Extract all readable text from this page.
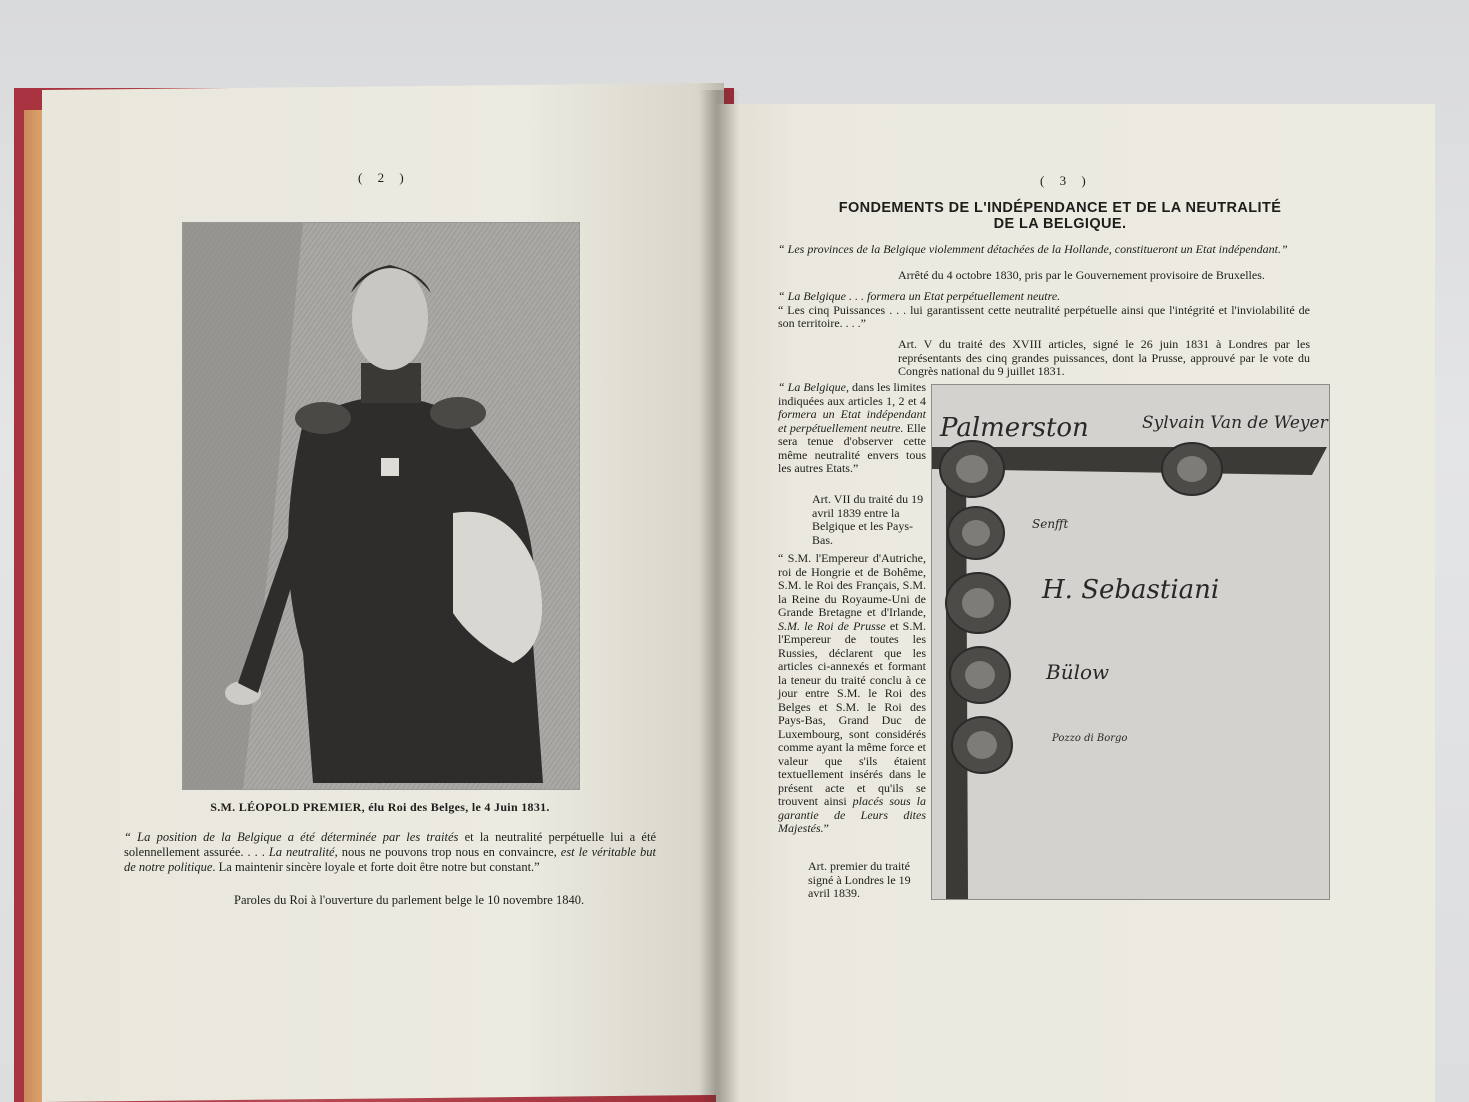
( 2 )
S.M. LÉOPOLD Ier, ROI DES BELGES.
S.M. LÉOPOLD PREMIER, élu Roi des Belges, le 4 Juin 1831.
“ La position de la Belgique a été déterminée par les traités et la neutralité perpétuelle lui a été solennellement assurée. . . . La neutralité, nous ne pouvons trop nous en convaincre, est le véritable but de notre politique. La maintenir sincère loyale et forte doit être notre but constant.”
Paroles du Roi à l'ouverture du parlement belge le 10 novembre 1840.
( 3 )
FONDEMENTS DE L'INDÉPENDANCE ET DE LA NEUTRALITÉ
DE LA BELGIQUE.
“ Les provinces de la Belgique violemment détachées de la Hollande, constitueront un Etat indépendant.”
Arrêté du 4 octobre 1830, pris par le Gouvernement provisoire de Bruxelles.
“ La Belgique . . . formera un Etat perpétuellement neutre.
“ Les cinq Puissances . . . lui garantissent cette neutralité perpétuelle ainsi que l'intégrité et l'inviolabilité de son territoire. . . .”
Art. V du traité des XVIII articles, signé le 26 juin 1831 à Londres par les représentants des cinq grandes puissances, dont la Prusse, approuvé par le vote du Congrès national du 9 juillet 1831.
“ La Belgique, dans les limites indiquées aux articles 1, 2 et 4 formera un Etat indépendant et perpétuellement neutre. Elle sera tenue d'observer cette même neutralité envers tous les autres Etats.”
Art. VII du traité du 19 avril 1839 entre la Belgique et les Pays-Bas.
“ S.M. l'Empereur d'Autriche, roi de Hongrie et de Bohême, S.M. le Roi des Français, S.M. la Reine du Royaume-Uni de Grande Bretagne et d'Irlande, S.M. le Roi de Prusse et S.M. l'Empereur de toutes les Russies, déclarent que les articles ci-annexés et formant la teneur du traité conclu à ce jour entre S.M. le Roi des Belges et S.M. le Roi des Pays-Bas, Grand Duc de Luxembourg, sont considérés comme ayant la même force et valeur que s'ils étaient textuellement insérés dans le présent acte et qu'ils se trouvent ainsi placés sous la garantie de Leurs dites Majestés.”
Art. premier du traité signé à Londres le 19 avril 1839.
Palmerston	Sylvain Van de Weyer
Senfft
H. Sebastiani
Bülow
Pozzo di Borgo
